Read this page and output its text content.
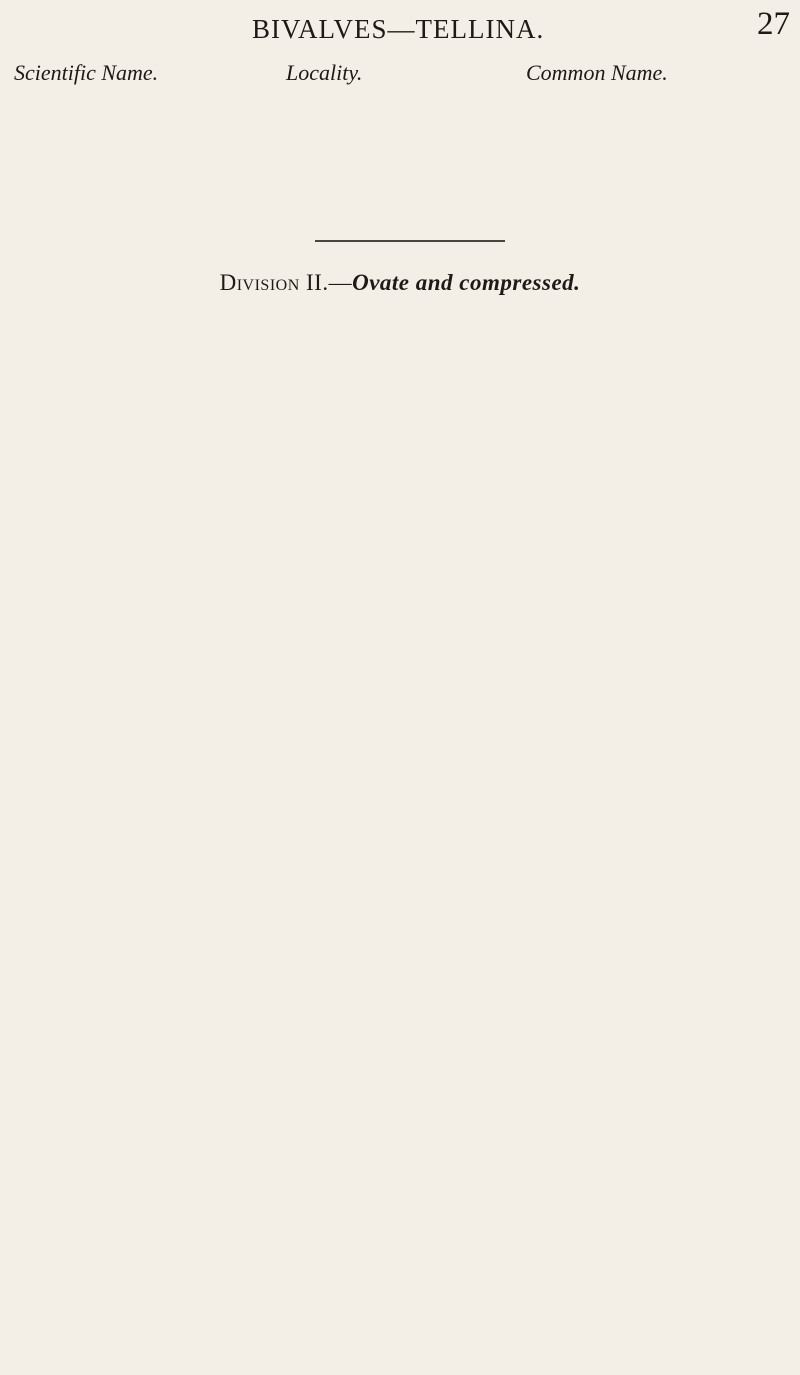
BIVALVES—TELLINA.	27
Scientific Name.	Locality.	Common Name.
Division II.—Ovate and compressed.
